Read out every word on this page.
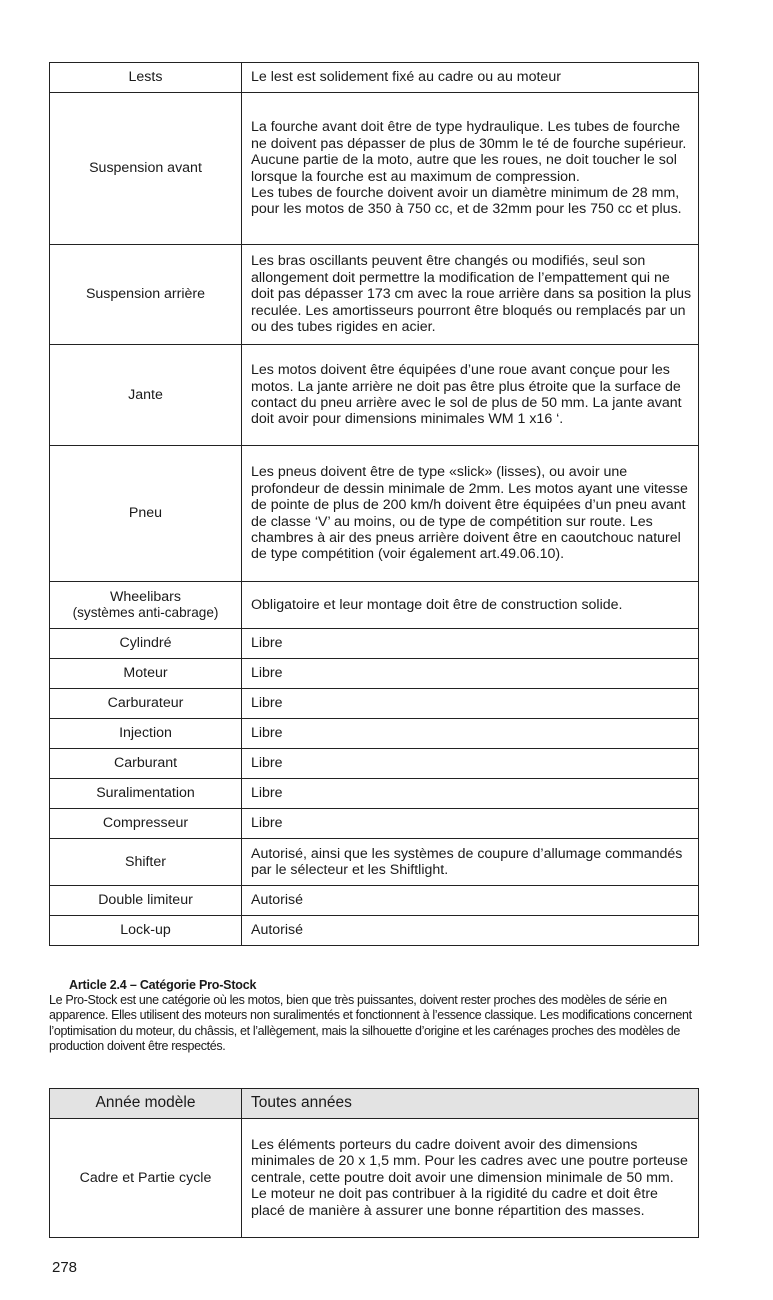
Lests	Le lest est solidement fixé au cadre ou au moteur
Suspension avant	La fourche avant doit être de type hydraulique. Les tubes de fourche ne doivent pas dépasser de plus de 30mm le té de fourche supérieur. Aucune partie de la moto, autre que les roues, ne doit toucher le sol lorsque la fourche est au maximum de compression.
Les tubes de fourche doivent avoir un diamètre minimum de 28 mm, pour les motos de 350 à 750 cc, et de 32mm pour les 750 cc et plus.
Suspension arrière	Les bras oscillants peuvent être changés ou modifiés, seul son allongement doit permettre la modification de l’empattement qui ne doit pas dépasser 173 cm avec la roue arrière dans sa position la plus reculée. Les amortisseurs pourront être bloqués ou remplacés par un ou des tubes rigides en acier.
Jante	Les motos doivent être équipées d’une roue avant conçue pour les motos. La jante arrière ne doit pas être plus étroite que la surface de contact du pneu arrière avec le sol de plus de 50 mm. La jante avant doit avoir pour dimensions minimales WM 1 x16 ‘.
Pneu	Les pneus doivent être de type «slick» (lisses), ou avoir une profondeur de dessin minimale de 2mm. Les motos ayant une vitesse de pointe de plus de 200 km/h doivent être équipées d’un pneu avant de classe ‘V’ au moins, ou de type de compétition sur route. Les chambres à air des pneus arrière doivent être en caoutchouc naturel de type compétition (voir également art.49.06.10).

Wheelibars
(systèmes anti-cabrage)	Obligatoire et leur montage doit être de construction solide.
Cylindré	Libre
Moteur	Libre
Carburateur	Libre
Injection	Libre
Carburant	Libre
Suralimentation	Libre
Compresseur	Libre
Shifter	Autorisé, ainsi que les systèmes de coupure d’allumage commandés par le sélecteur et les Shiftlight.
Double limiteur	Autorisé
Lock-up	Autorisé
Article 2.4 – Catégorie Pro-Stock
Le Pro-Stock est une catégorie où les motos, bien que très puissantes, doivent rester proches des modèles de série en apparence. Elles utilisent des moteurs non suralimentés et fonctionnent à l’essence classique. Les modifications concernent l’optimisation du moteur, du châssis, et l’allègement, mais la silhouette d’origine et les carénages proches des modèles de production doivent être respectés.
Année modèle	Toutes années
Cadre et Partie cycle	Les éléments porteurs du cadre doivent avoir des dimensions minimales de 20 x 1,5 mm. Pour les cadres avec une poutre porteuse centrale, cette poutre doit avoir une dimension minimale de 50 mm. Le moteur ne doit pas contribuer à la rigidité du cadre et doit être placé de manière à assurer une bonne répartition des masses.
278
